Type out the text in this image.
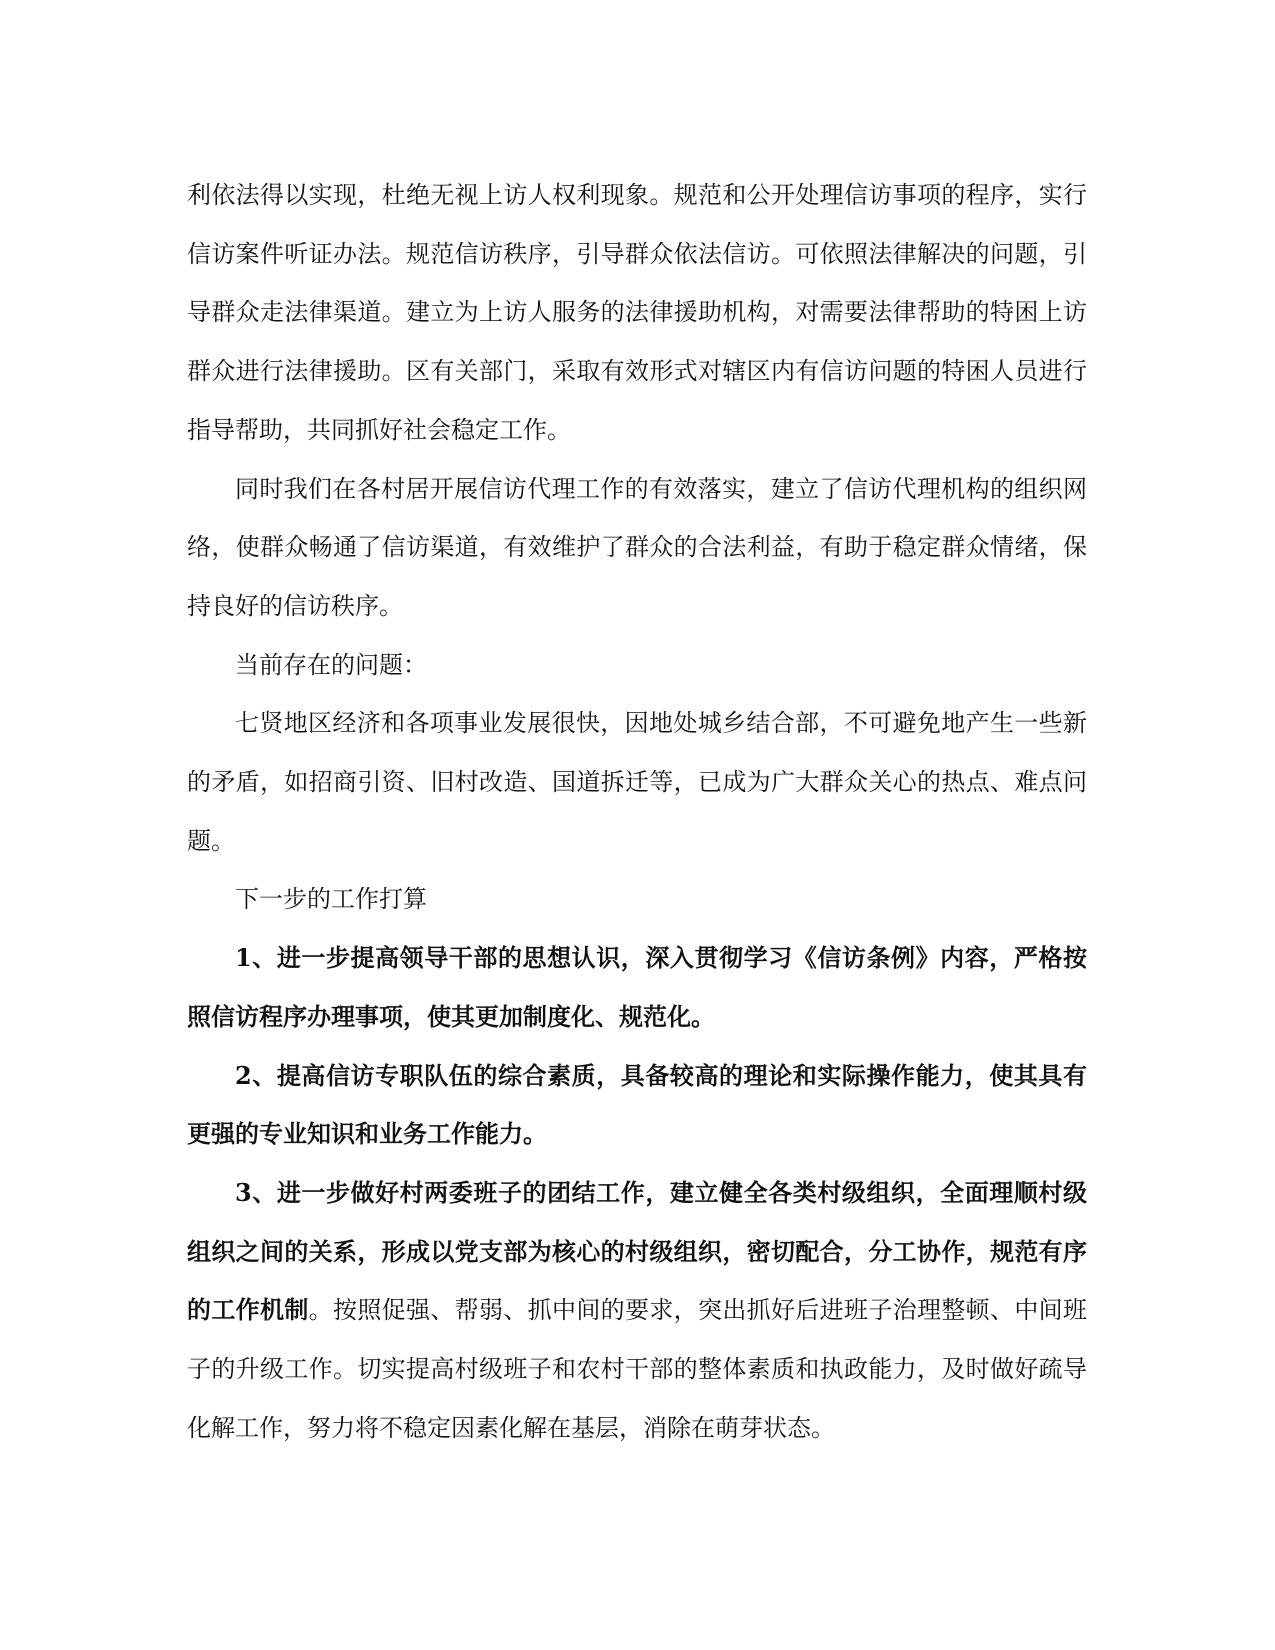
利依法得以实现，杜绝无视上访人权利现象。规范和公开处理信访事项的程序，实行信访案件听证办法。规范信访秩序，引导群众依法信访。可依照法律解决的问题，引导群众走法律渠道。建立为上访人服务的法律援助机构，对需要法律帮助的特困上访群众进行法律援助。区有关部门，采取有效形式对辖区内有信访问题的特困人员进行指导帮助，共同抓好社会稳定工作。

同时我们在各村居开展信访代理工作的有效落实，建立了信访代理机构的组织网络，使群众畅通了信访渠道，有效维护了群众的合法利益，有助于稳定群众情绪，保持良好的信访秩序。

当前存在的问题：

七贤地区经济和各项事业发展很快，因地处城乡结合部，不可避免地产生一些新的矛盾，如招商引资、旧村改造、国道拆迁等，已成为广大群众关心的热点、难点问题。

下一步的工作打算

1、进一步提高领导干部的思想认识，深入贯彻学习《信访条例》内容，严格按照信访程序办理事项，使其更加制度化、规范化。

2、提高信访专职队伍的综合素质，具备较高的理论和实际操作能力，使其具有更强的专业知识和业务工作能力。

3、进一步做好村两委班子的团结工作，建立健全各类村级组织，全面理顺村级组织之间的关系，形成以党支部为核心的村级组织，密切配合，分工协作，规范有序的工作机制。按照促强、帮弱、抓中间的要求，突出抓好后进班子治理整顿、中间班子的升级工作。切实提高村级班子和农村干部的整体素质和执政能力，及时做好疏导化解工作，努力将不稳定因素化解在基层，消除在萌芽状态。
